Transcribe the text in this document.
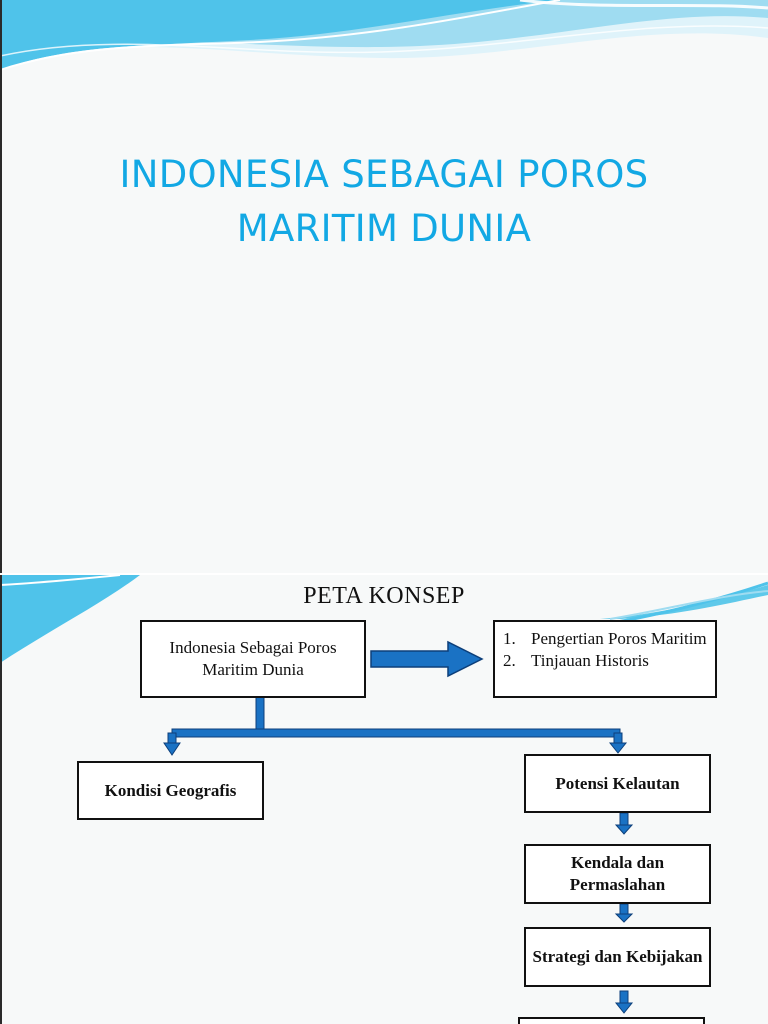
INDONESIA SEBAGAI POROS
MARITIM DUNIA
PETA KONSEP
Indonesia Sebagai Poros Maritim Dunia
1. Pengertian Poros Maritim
2. Tinjauan Historis
Kondisi Geografis	Potensi Kelautan
Kendala dan Permaslahan
Strategi dan Kebijakan
